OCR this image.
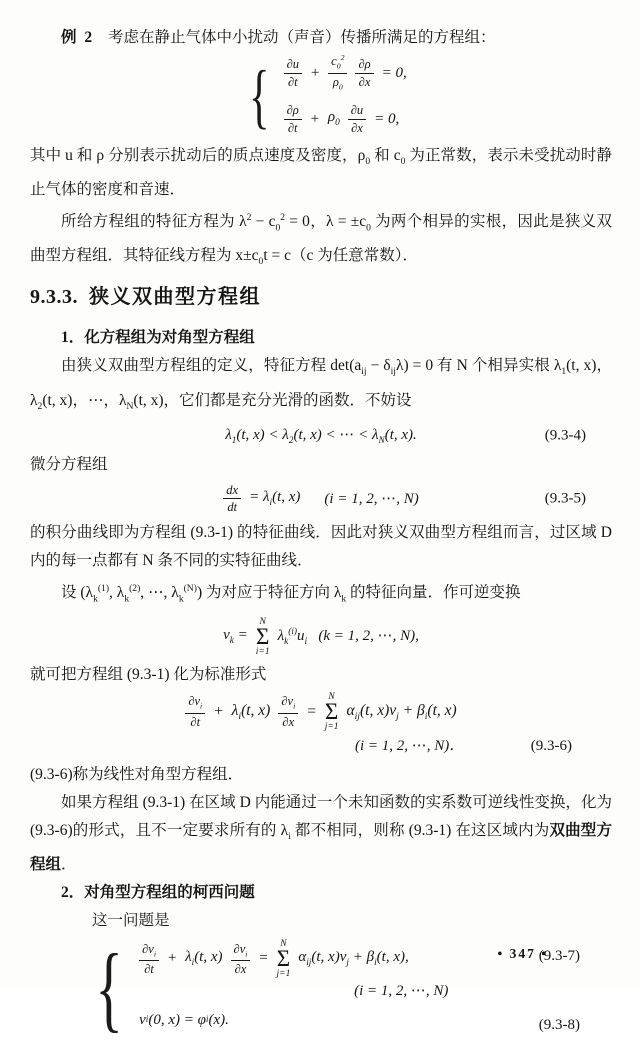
例 2 考虑在静止气体中小扰动（声音）传播所满足的方程组：

{ $\frac{\partial u}{\partial t} + \frac{c_0^2}{\rho_0} \frac{\partial\rho}{\partial x} = 0$,
$\frac{\partial\rho}{\partial t} + \rho_0 \frac{\partial u}{\partial x} = 0$,

其中 u 和 ρ 分别表示扰动后的质点速度及密度，$\rho_0$ 和 $c_0$ 为正常数，表示未受扰动时静止气体的密度和音速．

所给方程组的特征方程为 $\lambda^2 - c_0^2 = 0$，$\lambda = \pm c_0$ 为两个相异的实根，因此是狭义双曲型方程组．其特征线方程为 $x\pm c_0t = c(c$ 为任意常数）．

9.3.3. 狭义双曲型方程组

1．化方程组为对角型方程组

由狭义双曲型方程组的定义，特征方程 $\det(a_{ij} - \delta_{ij}\lambda) = 0$ 有 N 个相异实根 $\lambda_1(t$, x)，$\lambda_2(t$, x)，⋯，$\lambda_N(t$, x)，它们都是充分光滑的函数．不妨设

$\lambda_1(t$, $x) < \lambda_2(t$, x) < ⋯ < $\lambda_N(t$, x).	(9.3-4)

微分方程组

$\frac{dx}{dt} = \lambda_i(t$, x) (i = 1, 2, ⋯, N)	(9.3-5)

的积分曲线即为方程组 (9.3-1) 的特征曲线．因此对狭义双曲型方程组而言，过区域 D 内的每一点都有 N 条不同的实特征曲线．

设 ($\lambda_k^{(1)}$, $\lambda_k^{(2)}$, ⋯, $\lambda_k^{(N)}$) 为对应于特征方向 $\lambda_k$ 的特征向量．作可逆变换

$v_k$ =
N
Σ
i=1
$\lambda_k^{(i)}u_i$   (k = 1, 2, ⋯, N),

就可把方程组 (9.3-1) 化为标准形式

$\frac{\partial v_i}{\partial t} + \lambda_i(t$, $x) \frac{\partial v_i}{\partial x}$ =
N
Σ
j=1
$\alpha_{ij}(t$, $x)v_j + \beta_i(t$, x)
(i = 1, 2, ⋯, N)．	(9.3-6)

(9.3-6)称为线性对角型方程组．

如果方程组 (9.3-1) 在区域 D 内能通过一个未知函数的实系数可逆线性变换，化为(9.3-6)的形式，且不一定要求所有的 $\lambda_i$ 都不相同，则称 (9.3-1) 在这区域内为双曲型方程组．

2．对角型方程组的柯西问题

这一问题是

{ $\frac{\partial v_i}{\partial t} + \lambda_i(t$, $x) \frac{\partial v_i}{\partial x}$ =
N
Σ
j=1
$\alpha_{ij}(t$, $x)v_j + \beta_i(t$, x),
(i = 1, 2, ⋯, N)
v i (0, x) = φ i (x).
(9.3-7)
(9.3-8)
• 347 •
